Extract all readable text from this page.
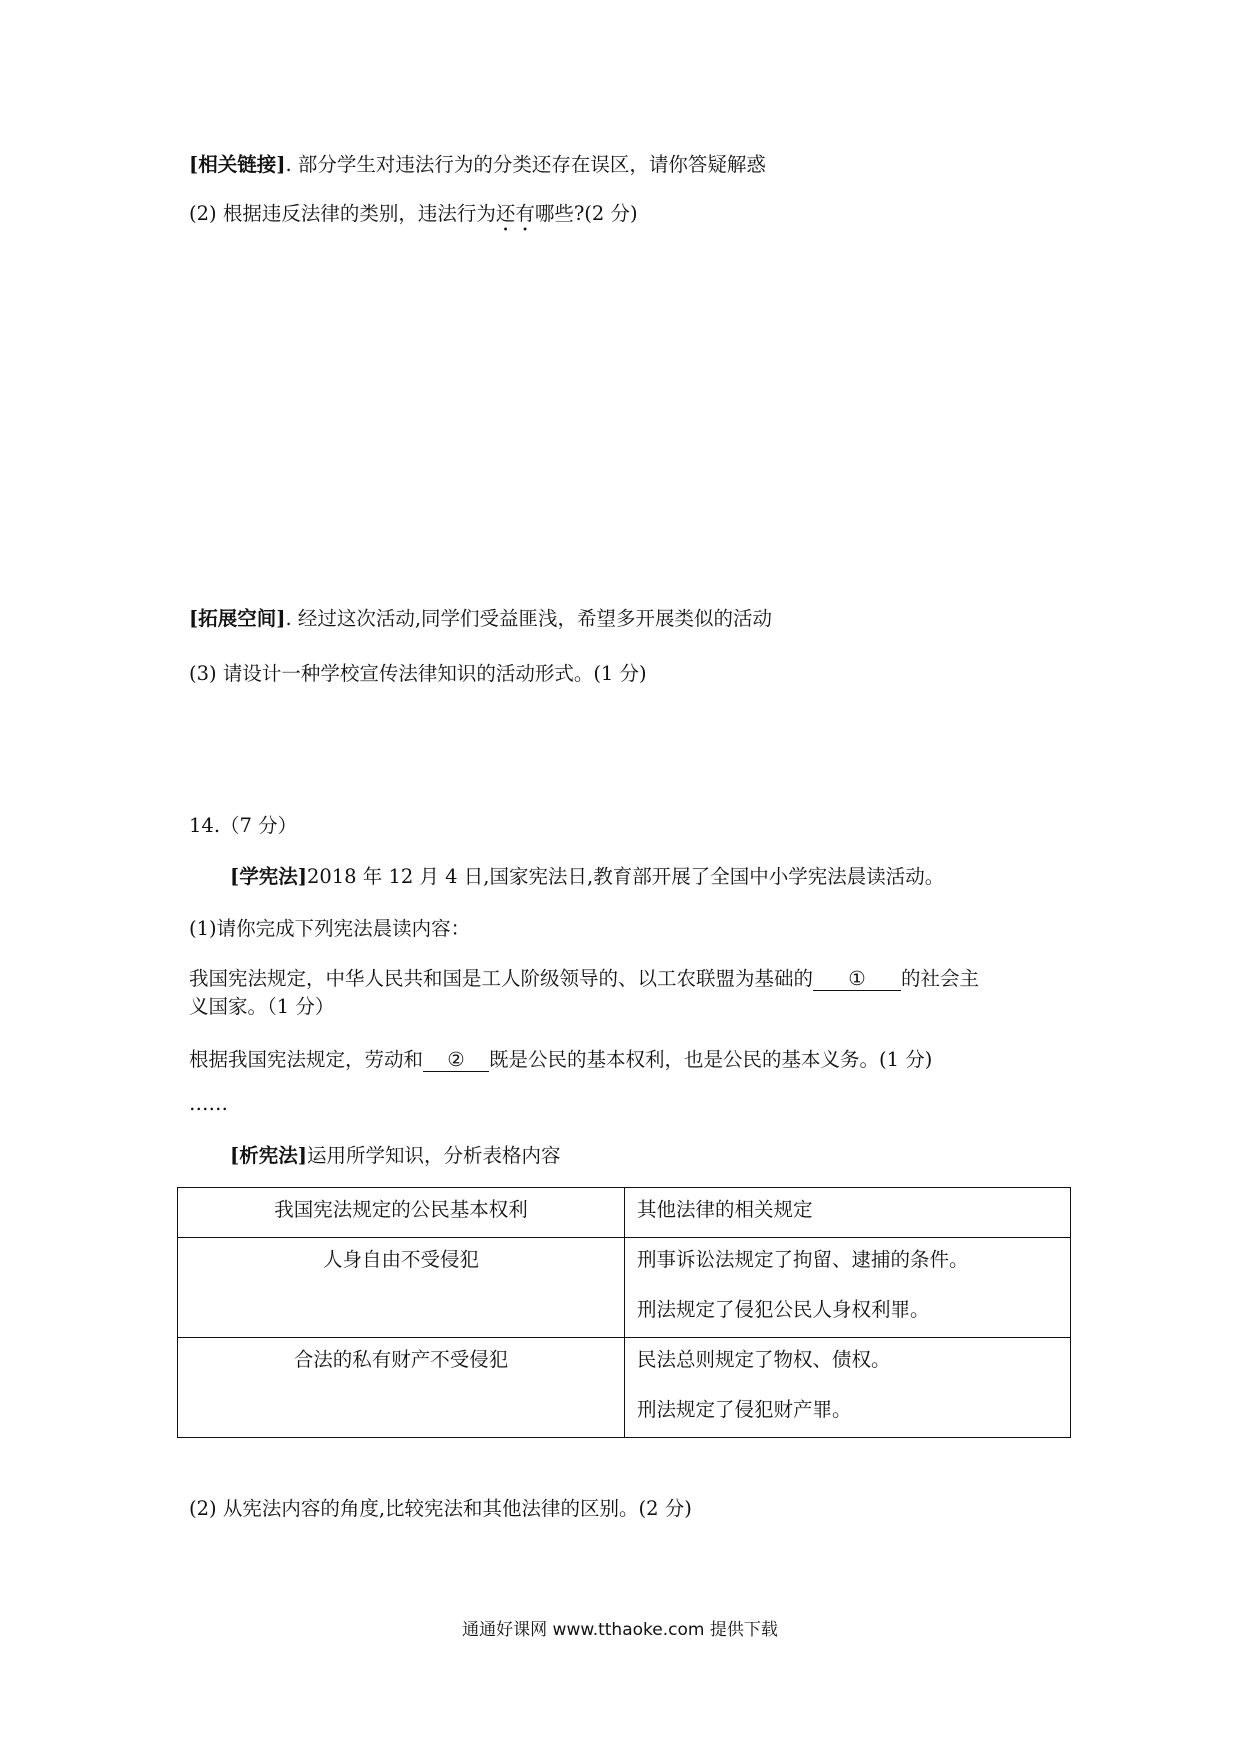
[相关链接]. 部分学生对违法行为的分类还存在误区，请你答疑解惑
(2) 根据违反法律的类别，违法行为还有哪些?(2 分)
[拓展空间]. 经过这次活动,同学们受益匪浅，希望多开展类似的活动
(3) 请设计一种学校宣传法律知识的活动形式。(1 分)
14.（7 分）
[学宪法]2018 年 12 月 4 日,国家宪法日,教育部开展了全国中小学宪法晨读活动。
(1)请你完成下列宪法晨读内容：
我国宪法规定，中华人民共和国是工人阶级领导的、以工农联盟为基础的 ① 的社会主
义国家。（1 分）
根据我国宪法规定，劳动和 ② 既是公民的基本权利，也是公民的基本义务。(1 分)
……
[析宪法]运用所学知识，分析表格内容
我国宪法规定的公民基本权利	其他法律的相关规定
人身自由不受侵犯	刑事诉讼法规定了拘留、逮捕的条件。
刑法规定了侵犯公民人身权利罪。

合法的私有财产不受侵犯	民法总则规定了物权、债权。
刑法规定了侵犯财产罪。
(2) 从宪法内容的角度,比较宪法和其他法律的区别。(2 分)
通通好课网 www.tthaoke.com 提供下载
